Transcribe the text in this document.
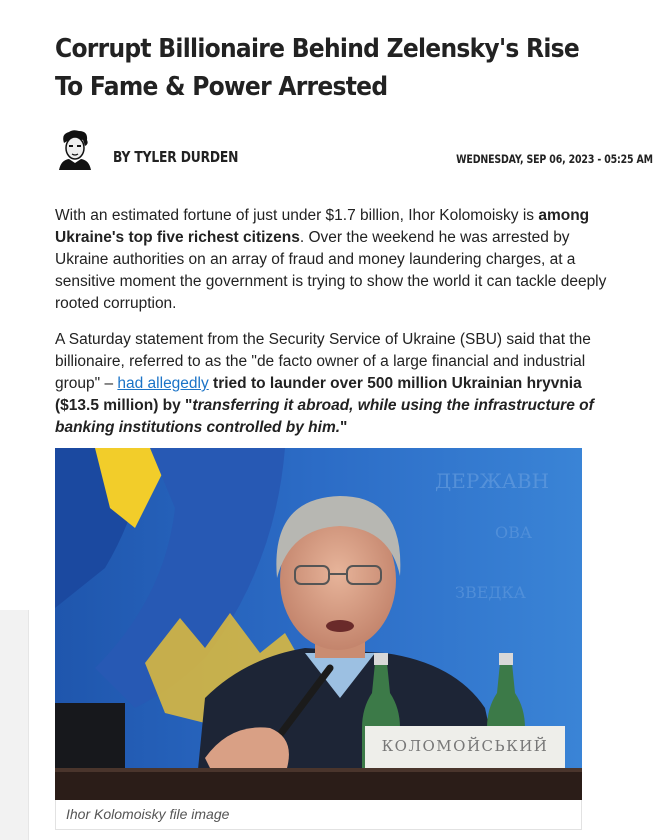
Corrupt Billionaire Behind Zelensky's Rise To Fame & Power Arrested
BY TYLER DURDEN	WEDNESDAY, SEP 06, 2023 - 05:25 AM

With an estimated fortune of just under $1.7 billion, Ihor Kolomoisky is among Ukraine's top five richest citizens. Over the weekend he was arrested by Ukraine authorities on an array of fraud and money laundering charges, at a sensitive moment the government is trying to show the world it can tackle deeply rooted corruption.

A Saturday statement from the Security Service of Ukraine (SBU) said that the billionaire, referred to as the "de facto owner of a large financial and industrial group" – had allegedly tried to launder over 500 million Ukrainian hryvnia ($13.5 million) by "transferring it abroad, while using the infrastructure of banking institutions controlled by him."

ДЕРЖАВН
ОВА
ЗВЕДКА
КОЛОМОЙСЬКИЙ
Ihor Kolomoisky file image
